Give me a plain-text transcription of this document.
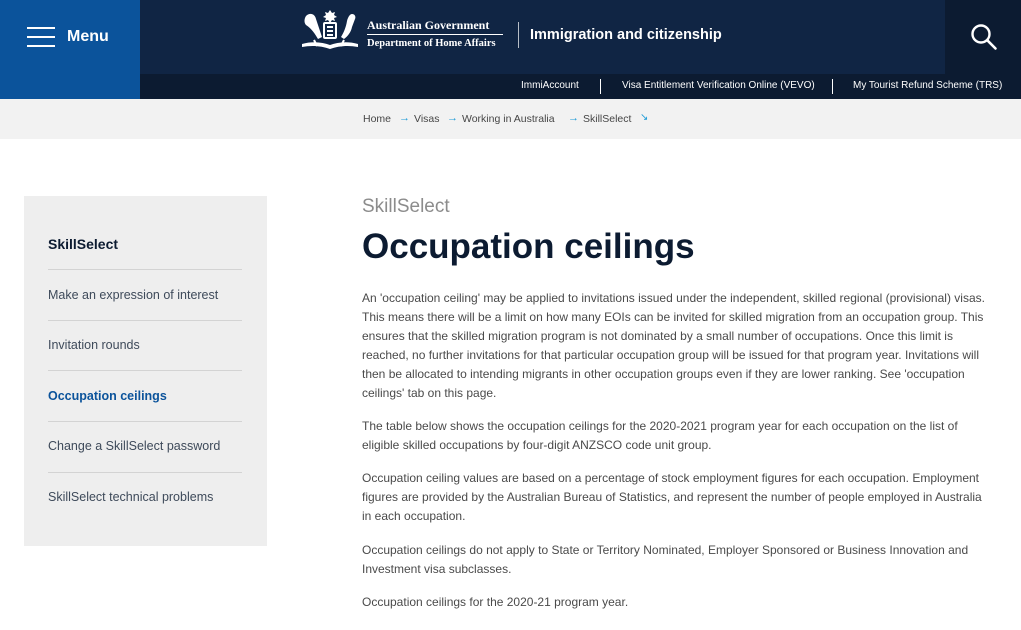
Menu
Australian Government
Department of Home Affairs
Immigration and citizenship
ImmiAccount	Visa Entitlement Verification Online (VEVO)	My Tourist Refund Scheme (TRS)
Home → Visas → Working in Australia → SkillSelect ↘
SkillSelect
Make an expression of interest
Invitation rounds
Occupation ceilings
Change a SkillSelect password
SkillSelect technical problems
SkillSelect
Occupation ceilings

An 'occupation ceiling' may be applied to invitations issued under the independent, skilled regional (provisional) visas. This means there will be a limit on how many EOIs can be invited for skilled migration from an occupation group. This ensures that the skilled migration program is not dominated by a small number of occupations. Once this limit is reached, no further invitations for that particular occupation group will be issued for that program year. Invitations will then be allocated to intending migrants in other occupation groups even if they are lower ranking. See 'occupation ceilings' tab on this page.

The table below shows the occupation ceilings for the 2020-2021 program year for each occupation on the list of eligible skilled occupations by four-digit ANZSCO code unit group.

Occupation ceiling values are based on a percentage of stock employment figures for each occupation. Employment figures are provided by the Australian Bureau of Statistics, and represent the number of people employed in Australia in each occupation.

Occupation ceilings do not apply to State or Territory Nominated, Employer Sponsored or Business Innovation and Investment visa subclasses.

Occupation ceilings for the 2020-21 program year.
